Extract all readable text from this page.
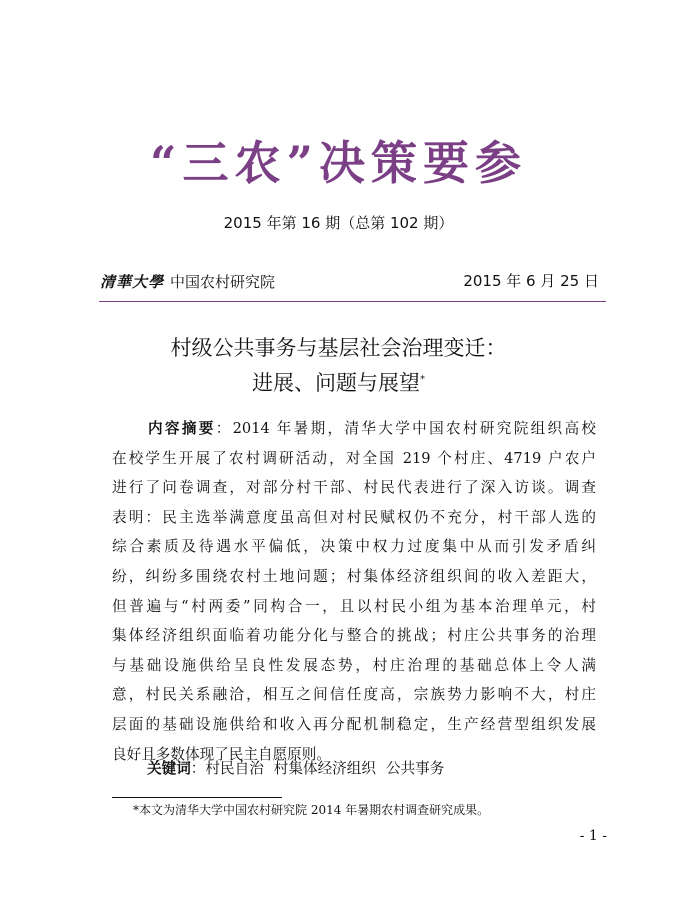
“三农”决策要参
2015 年第 16 期（总第 102 期）
清華大學 中国农村研究院	2015 年 6 月 25 日
村级公共事务与基层社会治理变迁：
进展、问题与展望*
内容摘要：2014 年暑期，清华大学中国农村研究院组织高校
在校学生开展了农村调研活动，对全国 219 个村庄、4719 户农户
进行了问卷调查，对部分村干部、村民代表进行了深入访谈。调查
表明：民主选举满意度虽高但对村民赋权仍不充分，村干部人选的
综合素质及待遇水平偏低，决策中权力过度集中从而引发矛盾纠
纷，纠纷多围绕农村土地问题；村集体经济组织间的收入差距大，
但普遍与“村两委”同构合一，且以村民小组为基本治理单元，村
集体经济组织面临着功能分化与整合的挑战；村庄公共事务的治理
与基础设施供给呈良性发展态势，村庄治理的基础总体上令人满
意，村民关系融洽，相互之间信任度高，宗族势力影响不大，村庄
层面的基础设施供给和收入再分配机制稳定，生产经营型组织发展
良好且多数体现了民主自愿原则。
关键词：村民自治 村集体经济组织 公共事务
*本文为清华大学中国农村研究院 2014 年暑期农村调查研究成果。
- 1 -
